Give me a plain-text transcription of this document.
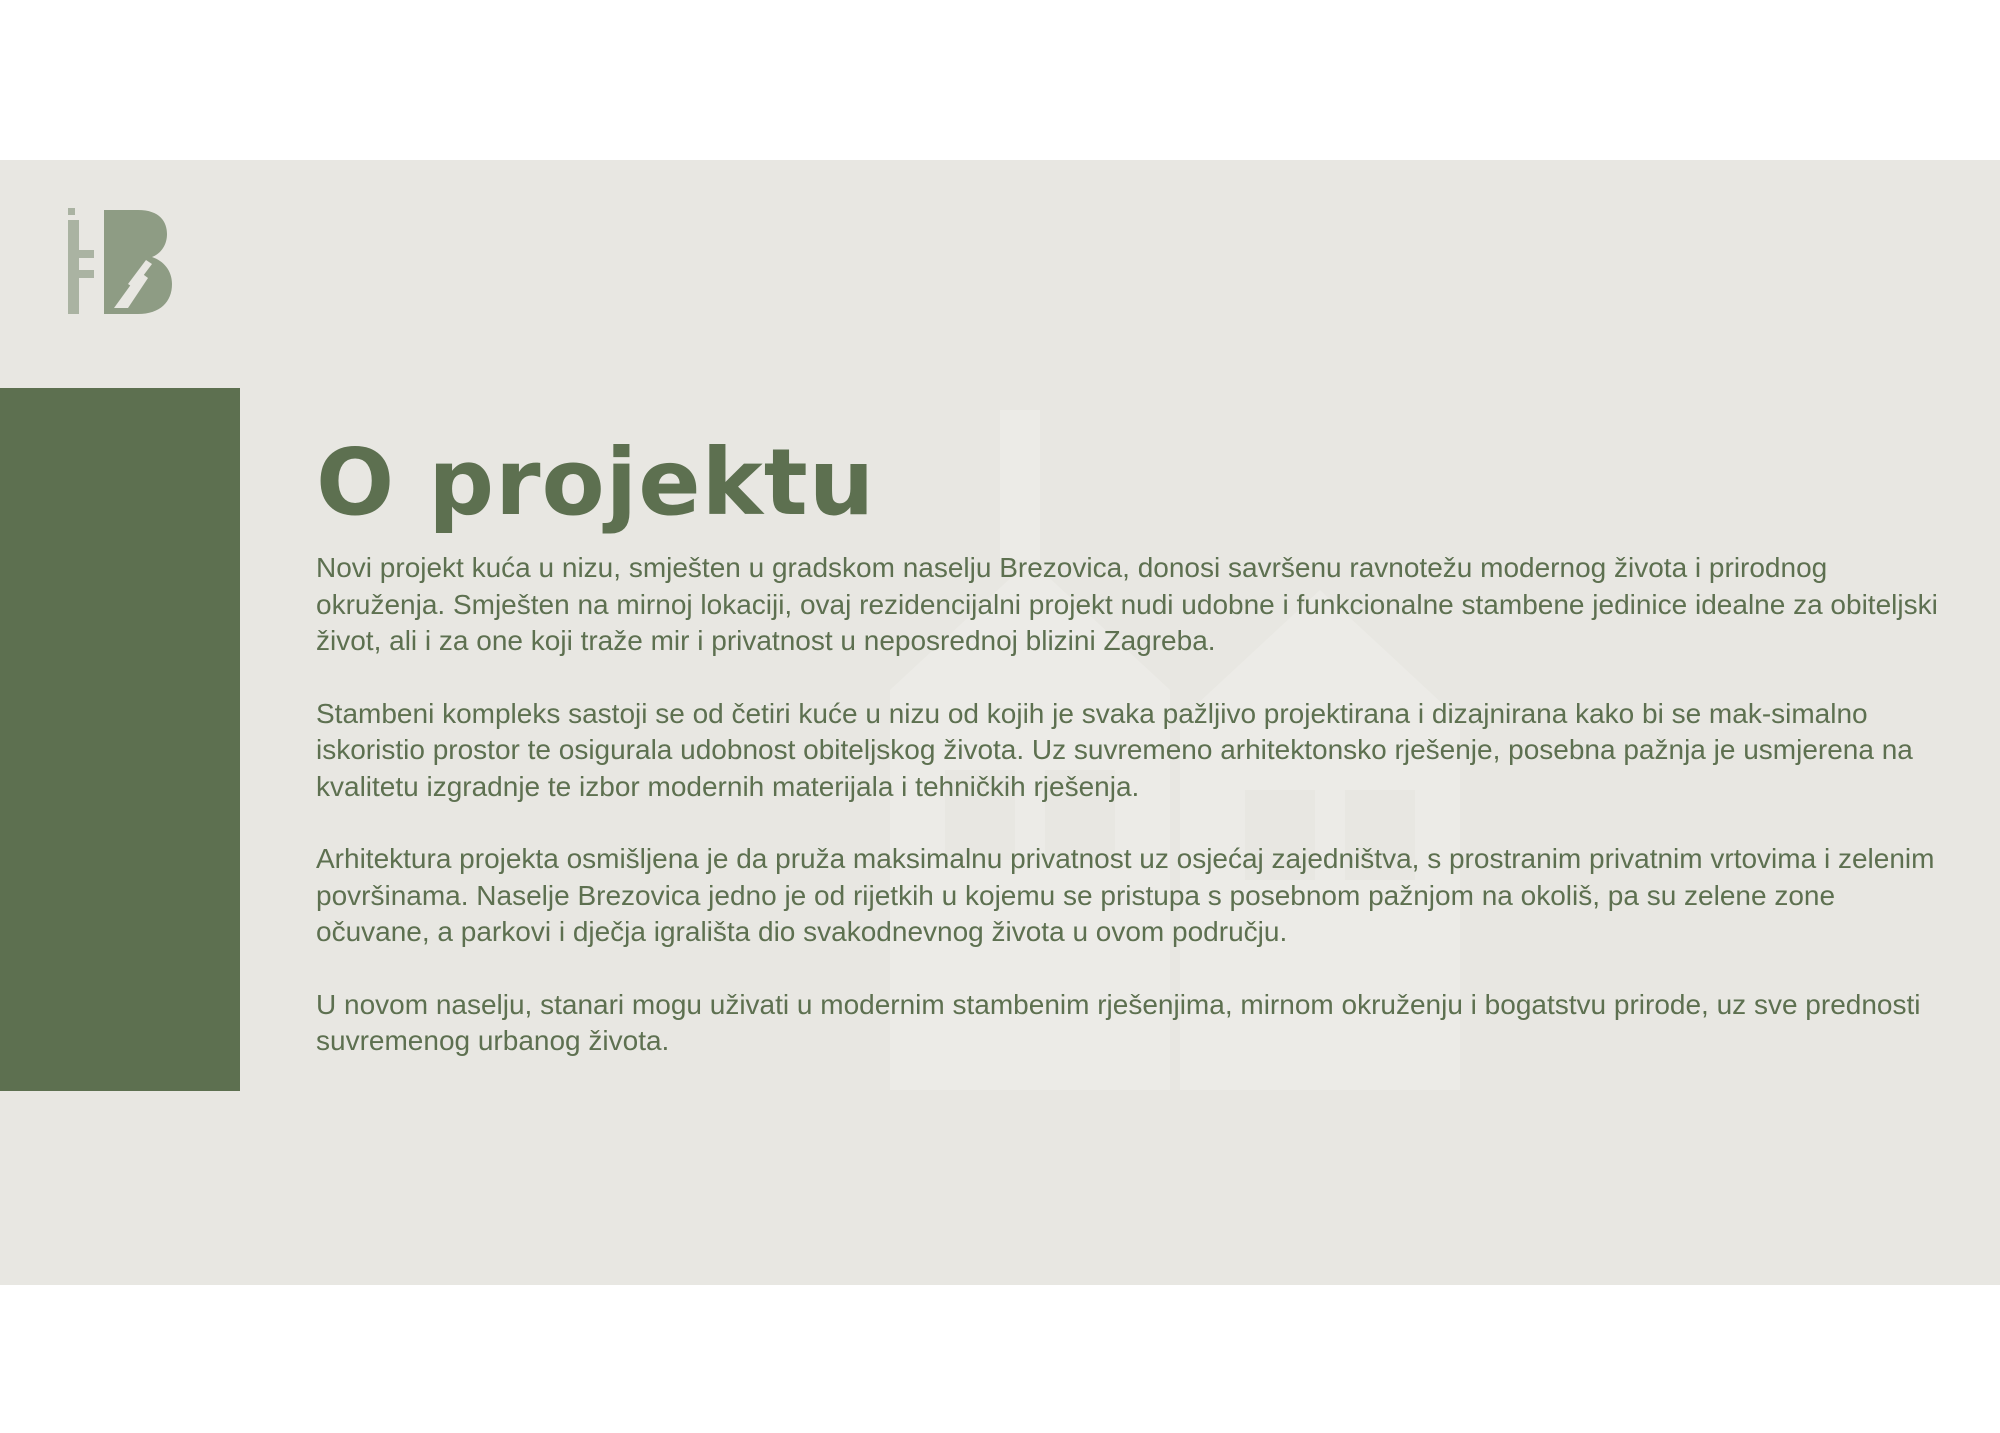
O projektu

Novi projekt kuća u nizu, smješten u gradskom naselju Brezovica, donosi savršenu ravnotežu modernog života i prirodnog okruženja. Smješten na mirnoj lokaciji, ovaj rezidencijalni projekt nudi udobne i funkcionalne stambene jedinice idealne za obiteljski život, ali i za one koji traže mir i privatnost u neposrednoj blizini Zagreba.

Stambeni kompleks sastoji se od četiri kuće u nizu od kojih je svaka pažljivo projektirana i dizajnirana kako bi se mak-simalno iskoristio prostor te osigurala udobnost obiteljskog života. Uz suvremeno arhitektonsko rješenje, posebna pažnja je usmjerena na kvalitetu izgradnje te izbor modernih materijala i tehničkih rješenja.

Arhitektura projekta osmišljena je da pruža maksimalnu privatnost uz osjećaj zajedništva, s prostranim privatnim vrtovima i zelenim površinama. Naselje Brezovica jedno je od rijetkih u kojemu se pristupa s posebnom pažnjom na okoliš, pa su zelene zone očuvane, a parkovi i dječja igrališta dio svakodnevnog života u ovom području.

U novom naselju, stanari mogu uživati u modernim stambenim rješenjima, mirnom okruženju i bogatstvu prirode, uz sve prednosti suvremenog urbanog života.
